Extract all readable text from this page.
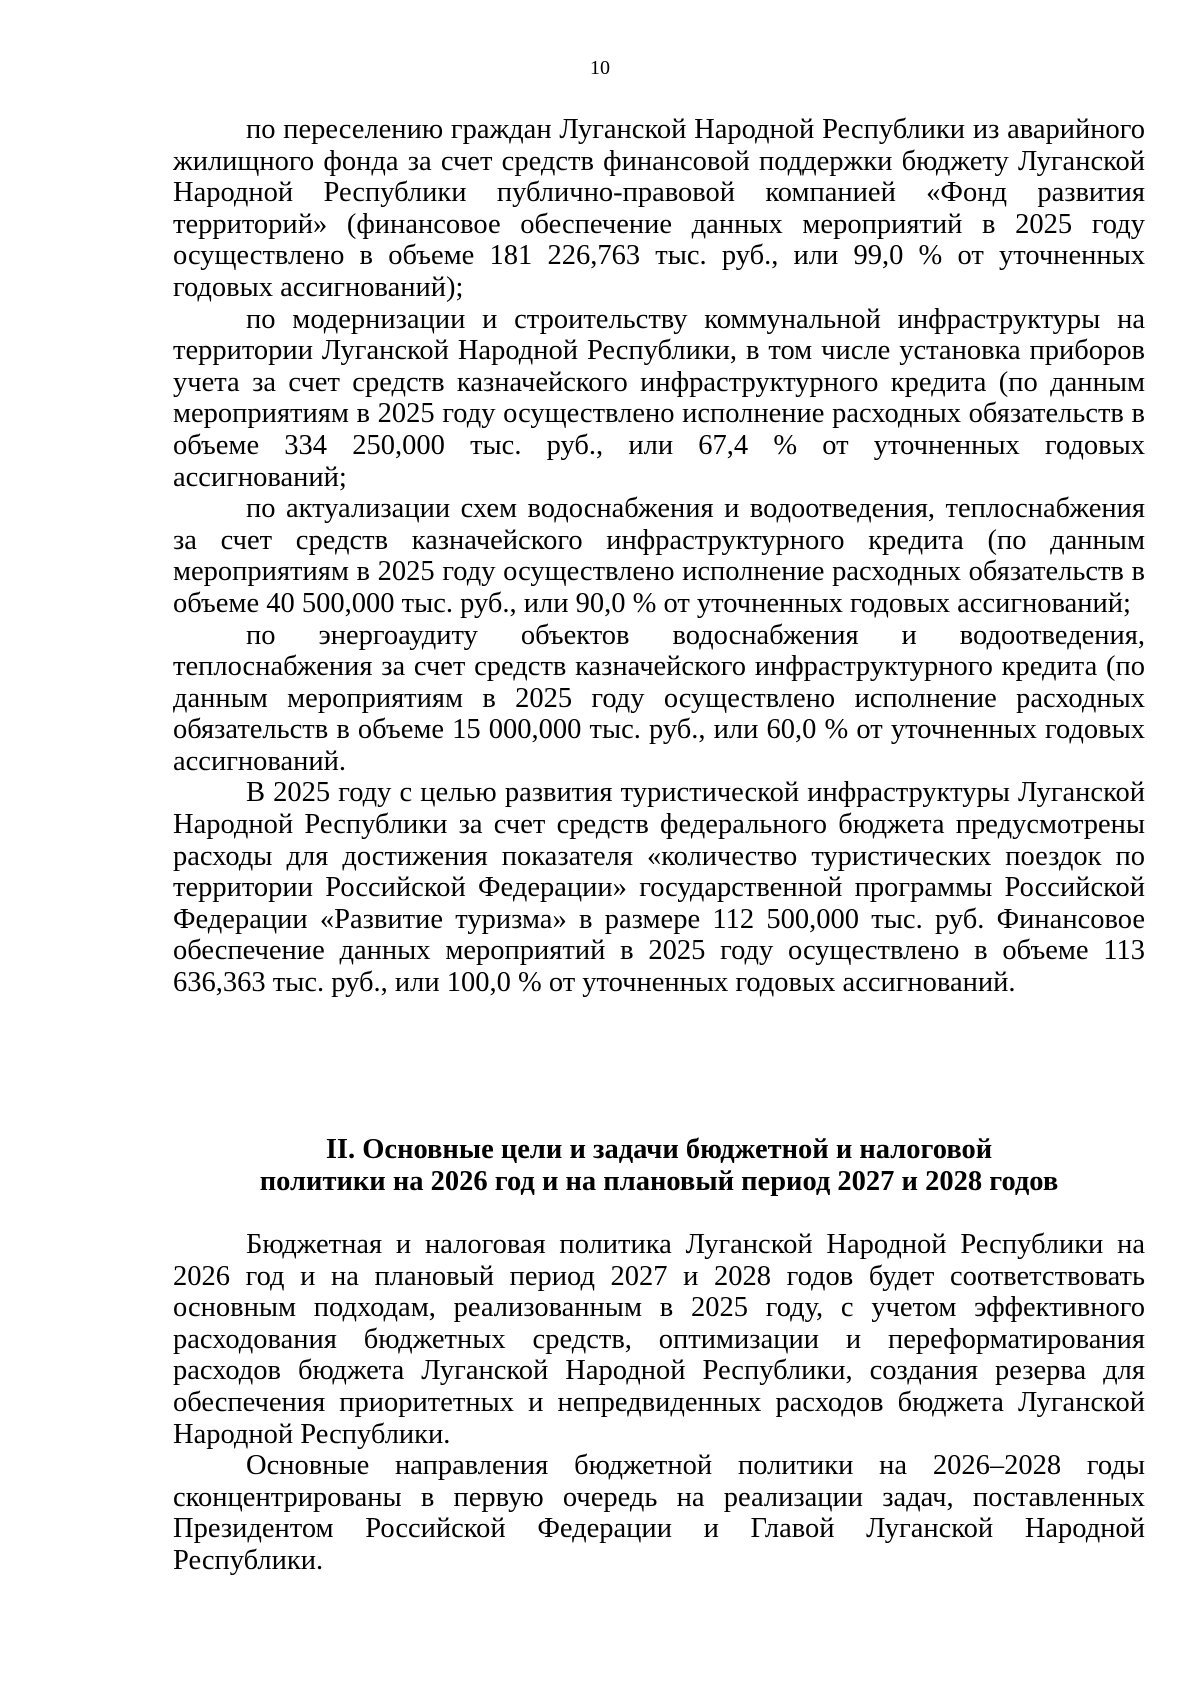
10

по переселению граждан Луганской Народной Республики из аварийного жилищного фонда за счет средств финансовой поддержки бюджету Луганской Народной Республики публично-правовой компанией «Фонд развития территорий» (финансовое обеспечение данных мероприятий в 2025 году осуществлено в объеме 181 226,763 тыс. руб., или 99,0 % от уточненных годовых ассигнований);

по модернизации и строительству коммунальной инфраструктуры на территории Луганской Народной Республики, в том числе установка приборов учета за счет средств казначейского инфраструктурного кредита (по данным мероприятиям в 2025 году осуществлено исполнение расходных обязательств в объеме 334 250,000 тыс. руб., или 67,4 % от уточненных годовых ассигнований;

по актуализации схем водоснабжения и водоотведения, теплоснабжения за счет средств казначейского инфраструктурного кредита (по данным мероприятиям в 2025 году осуществлено исполнение расходных обязательств в объеме 40 500,000 тыс. руб., или 90,0 % от уточненных годовых ассигнований;

по энергоаудиту объектов водоснабжения и водоотведения, теплоснабжения за счет средств казначейского инфраструктурного кредита (по данным мероприятиям в 2025 году осуществлено исполнение расходных обязательств в объеме 15 000,000 тыс. руб., или 60,0 % от уточненных годовых ассигнований.

В 2025 году с целью развития туристической инфраструктуры Луганской Народной Республики за счет средств федерального бюджета предусмотрены расходы для достижения показателя «количество туристических поездок по территории Российской Федерации» государственной программы Российской Федерации «Развитие туризма» в размере 112 500,000 тыс. руб. Финансовое обеспечение данных мероприятий в 2025 году осуществлено в объеме 113 636,363 тыс. руб., или 100,0 % от уточненных годовых ассигнований.

II. Основные цели и задачи бюджетной и налоговой
политики на 2026 год и на плановый период 2027 и 2028 годов

Бюджетная и налоговая политика Луганской Народной Республики на 2026 год и на плановый период 2027 и 2028 годов будет соответствовать основным подходам, реализованным в 2025 году, с учетом эффективного расходования бюджетных средств, оптимизации и переформатирования расходов бюджета Луганской Народной Республики, создания резерва для обеспечения приоритетных и непредвиденных расходов бюджета Луганской Народной Республики.

Основные направления бюджетной политики на 2026–2028 годы сконцентрированы в первую очередь на реализации задач, поставленных Президентом Российской Федерации и Главой Луганской Народной Республики.
